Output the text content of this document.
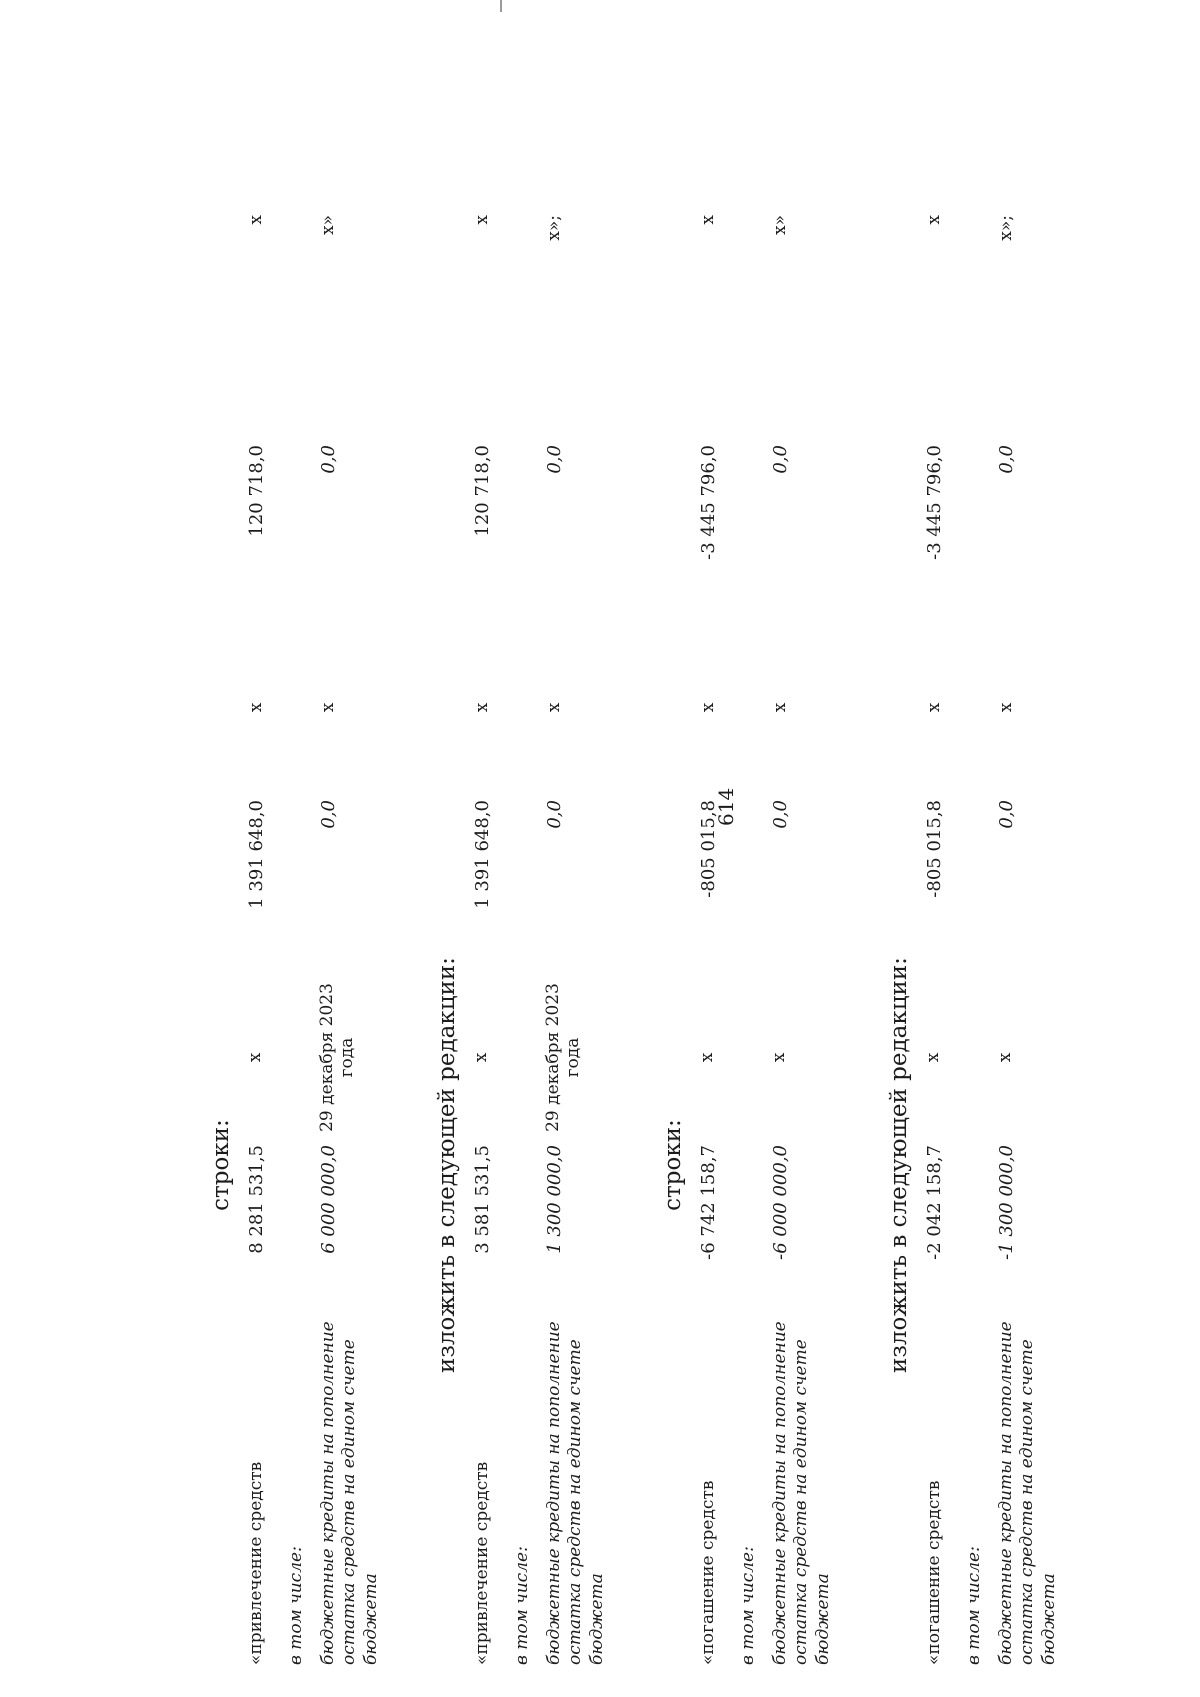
614
строки:
«привлечение средств
8 281 531,5
x
1 391 648,0
x
120 718,0
x
в том числе: бюджетные кредиты на пополнение остатка средств на едином счете бюджета
6 000 000,0
29 декабря 2023 года
0,0
x
0,0
x»
изложить в следующей редакции:
«привлечение средств
3 581 531,5
x
1 391 648,0
x
120 718,0
x
в том числе: бюджетные кредиты на пополнение остатка средств на едином счете бюджета
1 300 000,0
29 декабря 2023 года
0,0
x
0,0
x»;
строки:
«погашение средств
-6 742 158,7
x
-805 015,8
x
-3 445 796,0
x
в том числе: бюджетные кредиты на пополнение остатка средств на едином счете бюджета
-6 000 000,0
x
0,0
x
0,0
x»
изложить в следующей редакции:
«погашение средств
-2 042 158,7
x
-805 015,8
x
-3 445 796,0
x
в том числе: бюджетные кредиты на пополнение остатка средств на едином счете бюджета
-1 300 000,0
x
0,0
x
0,0
x»;
